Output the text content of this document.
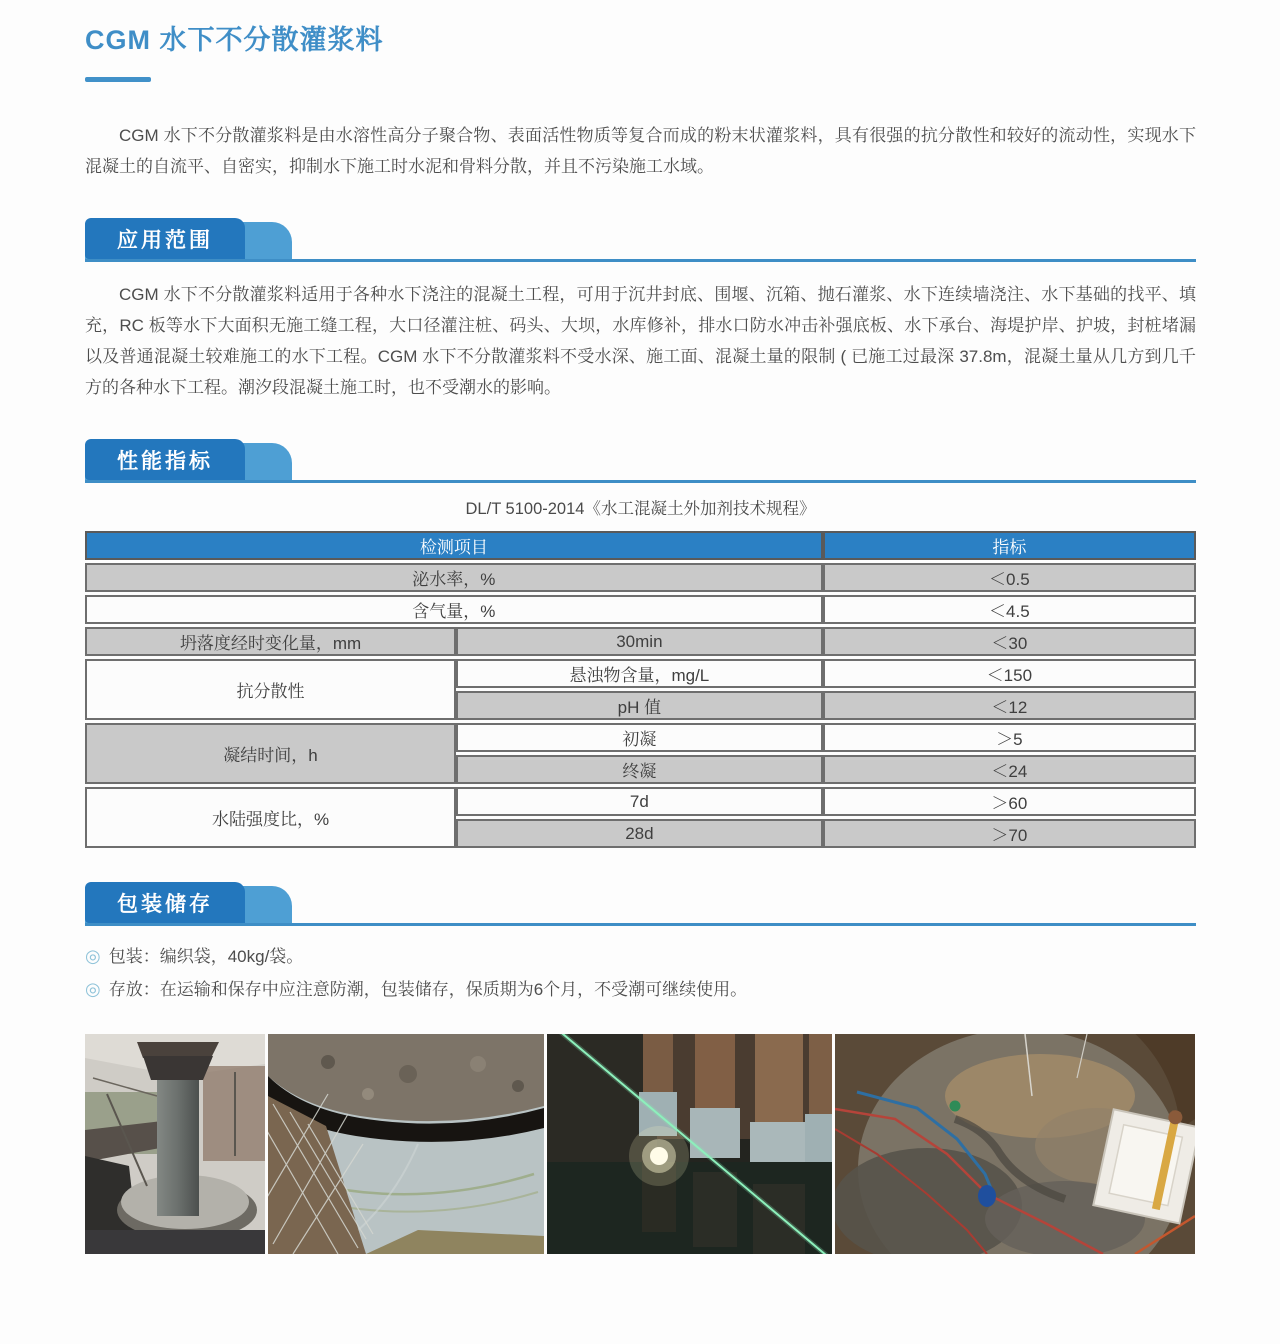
CGM 水下不分散灌浆料

CGM 水下不分散灌浆料是由水溶性高分子聚合物、表面活性物质等复合而成的粉末状灌浆料，具有很强的抗分散性和较好的流动性，实现水下混凝土的自流平、自密实，抑制水下施工时水泥和骨料分散，并且不污染施工水域。

应用范围

CGM 水下不分散灌浆料适用于各种水下浇注的混凝土工程，可用于沉井封底、围堰、沉箱、抛石灌浆、水下连续墙浇注、水下基础的找平、填充，RC 板等水下大面积无施工缝工程，大口径灌注桩、码头、大坝，水库修补，排水口防水冲击补强底板、水下承台、海堤护岸、护坡，封桩堵漏以及普通混凝土较难施工的水下工程。CGM 水下不分散灌浆料不受水深、施工面、混凝土量的限制 ( 已施工过最深 37.8m，混凝土量从几方到几千方的各种水下工程。潮汐段混凝土施工时，也不受潮水的影响。

性能指标
DL/T 5100-2014《水工混凝土外加剂技术规程》
检测项目		指标
泌水率，%		＜0.5
含气量，%		＜4.5
坍落度经时变化量，mm	30min	＜30
抗分散性	悬浊物含量，mg/L	＜150
	pH 值	＜12
凝结时间，h	初凝	＞5
	终凝	＜24
水陆强度比，%	7d	＞60
	28d	＞70
包装储存
◎ 包装：编织袋，40kg/袋。
◎ 存放：在运输和保存中应注意防潮，包装储存，保质期为6个月，不受潮可继续使用。
